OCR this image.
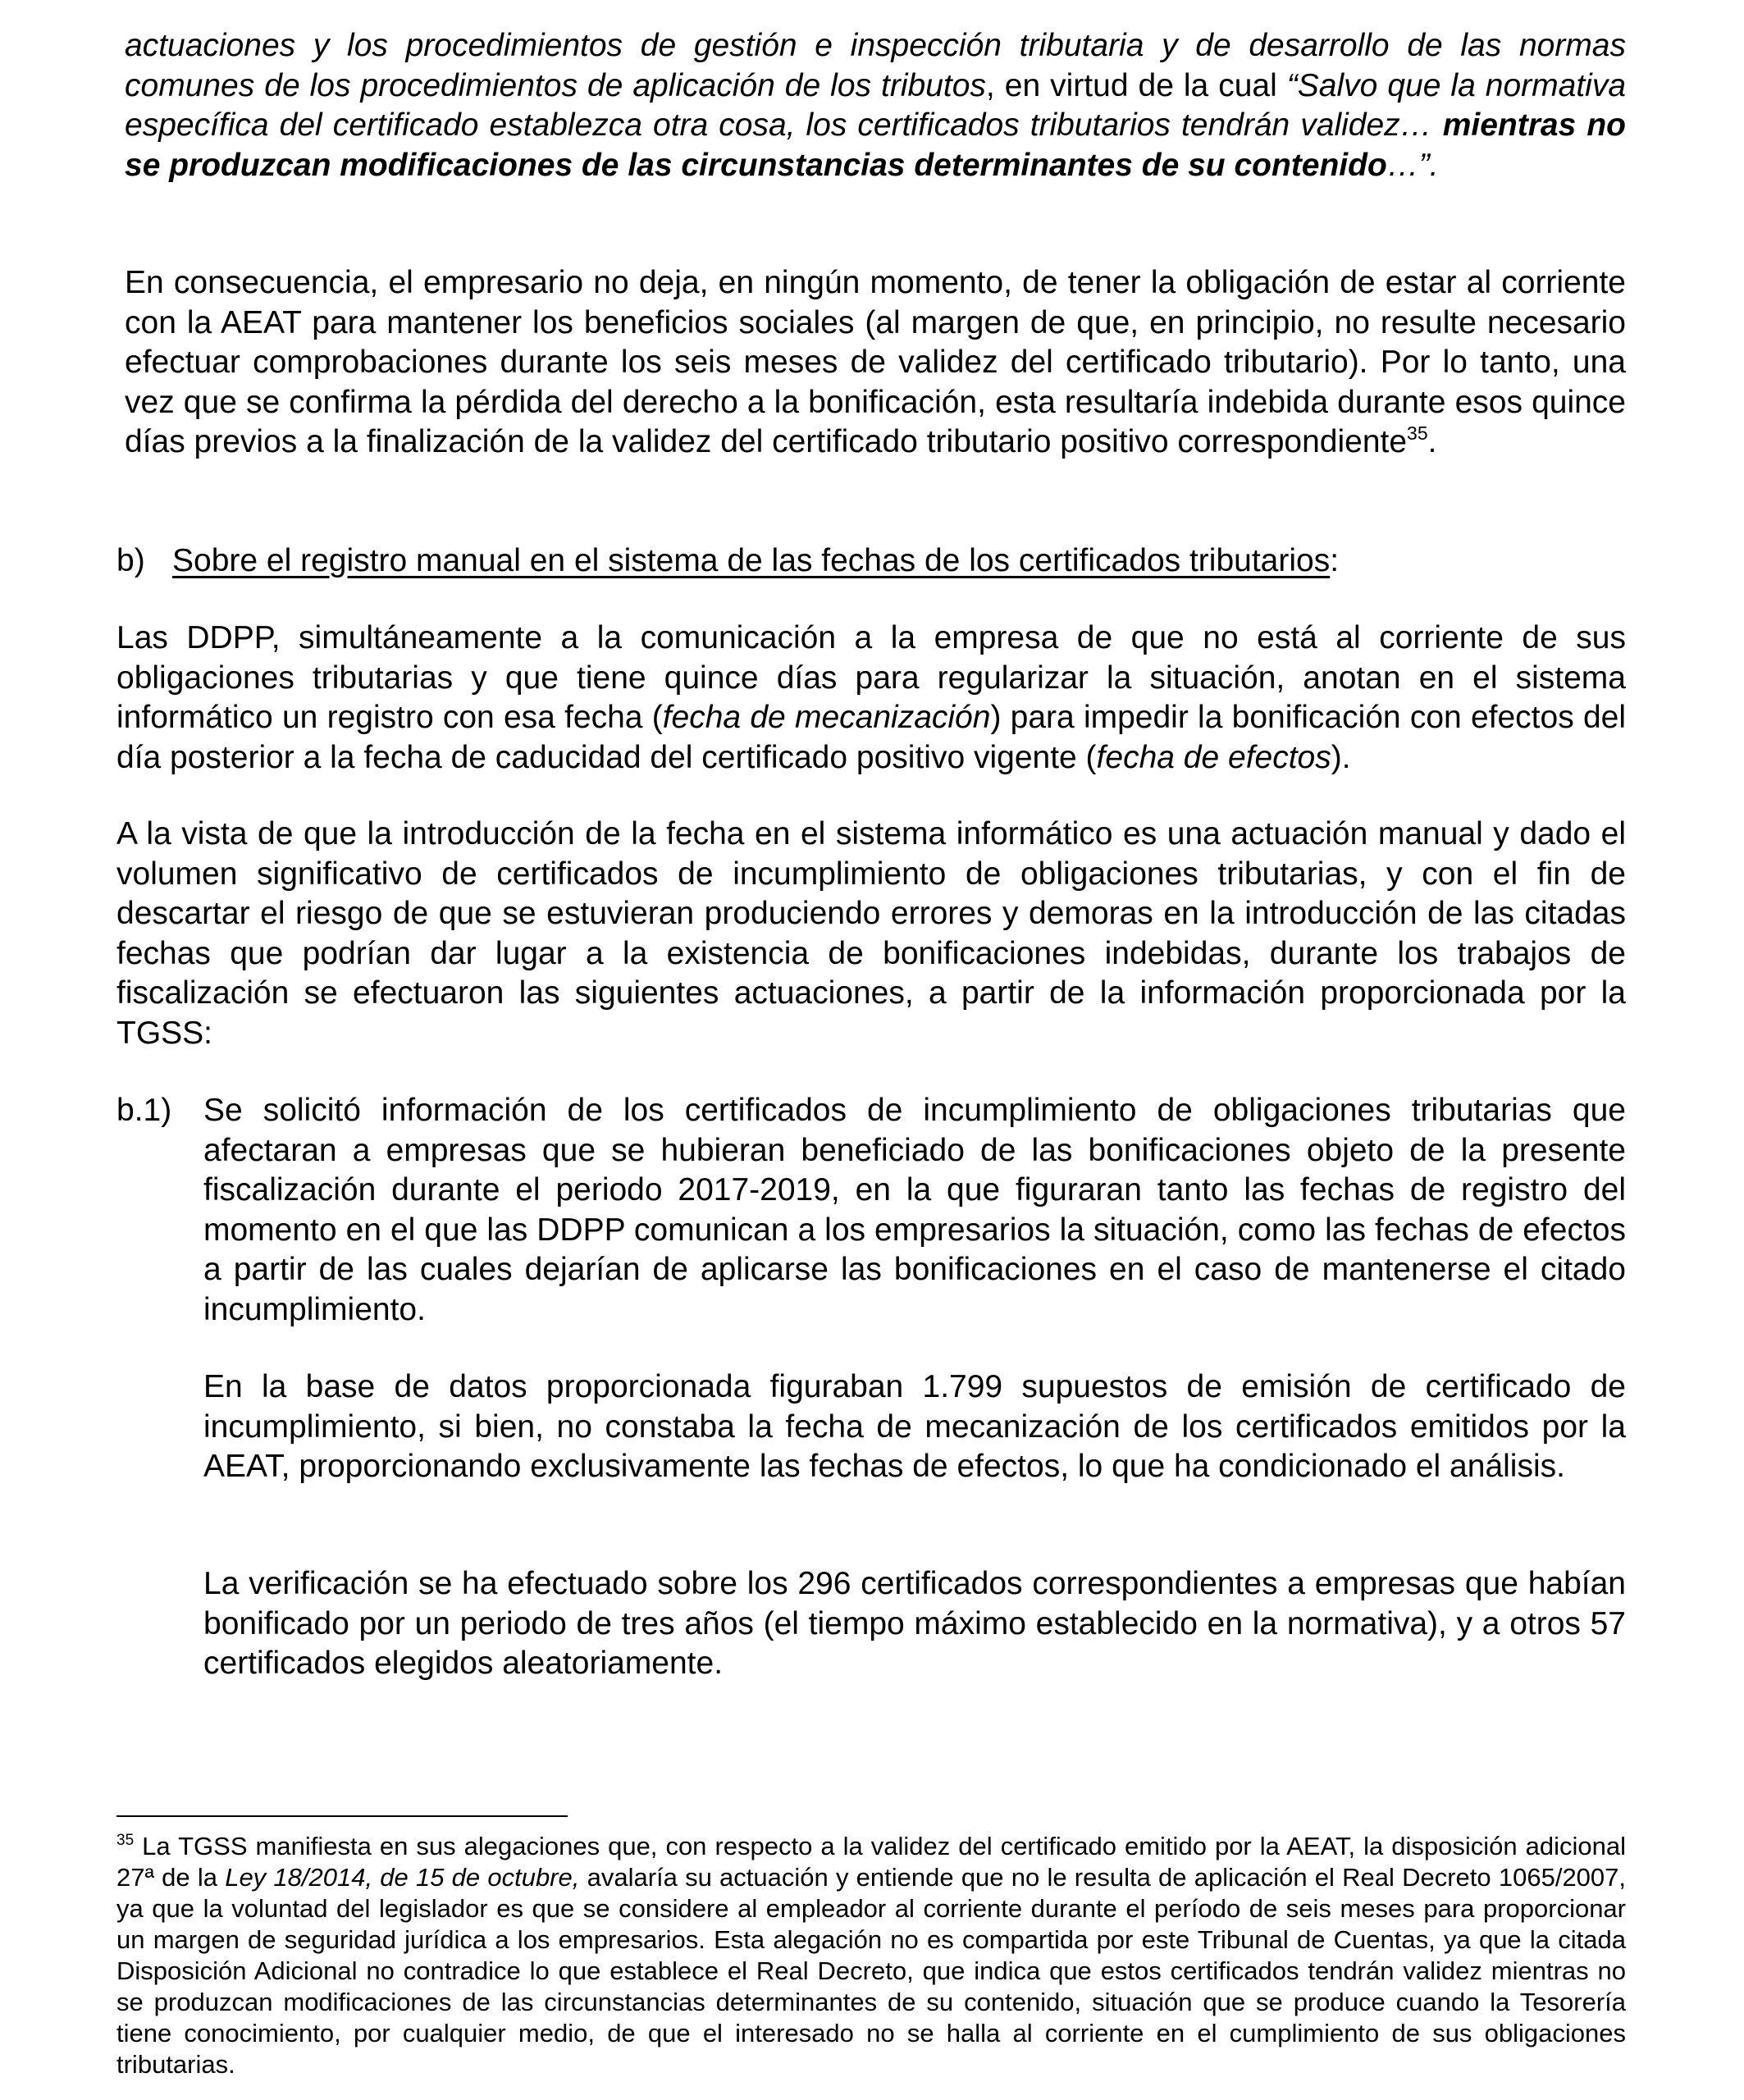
actuaciones y los procedimientos de gestión e inspección tributaria y de desarrollo de las normas comunes de los procedimientos de aplicación de los tributos, en virtud de la cual “Salvo que la normativa específica del certificado establezca otra cosa, los certificados tributarios tendrán validez… mientras no se produzcan modificaciones de las circunstancias determinantes de su contenido…”.

En consecuencia, el empresario no deja, en ningún momento, de tener la obligación de estar al corriente con la AEAT para mantener los beneficios sociales (al margen de que, en principio, no resulte necesario efectuar comprobaciones durante los seis meses de validez del certificado tributario). Por lo tanto, una vez que se confirma la pérdida del derecho a la bonificación, esta resultaría indebida durante esos quince días previos a la finalización de la validez del certificado tributario positivo correspondiente$^{35}$.

b) Sobre el registro manual en el sistema de las fechas de los certificados tributarios:

Las DDPP, simultáneamente a la comunicación a la empresa de que no está al corriente de sus obligaciones tributarias y que tiene quince días para regularizar la situación, anotan en el sistema informático un registro con esa fecha (fecha de mecanización) para impedir la bonificación con efectos del día posterior a la fecha de caducidad del certificado positivo vigente (fecha de efectos).

A la vista de que la introducción de la fecha en el sistema informático es una actuación manual y dado el volumen significativo de certificados de incumplimiento de obligaciones tributarias, y con el fin de descartar el riesgo de que se estuvieran produciendo errores y demoras en la introducción de las citadas fechas que podrían dar lugar a la existencia de bonificaciones indebidas, durante los trabajos de fiscalización se efectuaron las siguientes actuaciones, a partir de la información proporcionada por la TGSS:

b.1) Se solicitó información de los certificados de incumplimiento de obligaciones tributarias que afectaran a empresas que se hubieran beneficiado de las bonificaciones objeto de la presente fiscalización durante el periodo 2017-2019, en la que figuraran tanto las fechas de registro del momento en el que las DDPP comunican a los empresarios la situación, como las fechas de efectos a partir de las cuales dejarían de aplicarse las bonificaciones en el caso de mantenerse el citado incumplimiento.

En la base de datos proporcionada figuraban 1.799 supuestos de emisión de certificado de incumplimiento, si bien, no constaba la fecha de mecanización de los certificados emitidos por la AEAT, proporcionando exclusivamente las fechas de efectos, lo que ha condicionado el análisis.

La verificación se ha efectuado sobre los 296 certificados correspondientes a empresas que habían bonificado por un periodo de tres años (el tiempo máximo establecido en la normativa), y a otros 57 certificados elegidos aleatoriamente.

$^{35}$ La TGSS manifiesta en sus alegaciones que, con respecto a la validez del certificado emitido por la AEAT, la disposición adicional 27ª de la Ley 18/2014, de 15 de octubre, avalaría su actuación y entiende que no le resulta de aplicación el Real Decreto 1065/2007, ya que la voluntad del legislador es que se considere al empleador al corriente durante el período de seis meses para proporcionar un margen de seguridad jurídica a los empresarios. Esta alegación no es compartida por este Tribunal de Cuentas, ya que la citada Disposición Adicional no contradice lo que establece el Real Decreto, que indica que estos certificados tendrán validez mientras no se produzcan modificaciones de las circunstancias determinantes de su contenido, situación que se produce cuando la Tesorería tiene conocimiento, por cualquier medio, de que el interesado no se halla al corriente en el cumplimiento de sus obligaciones tributarias.
